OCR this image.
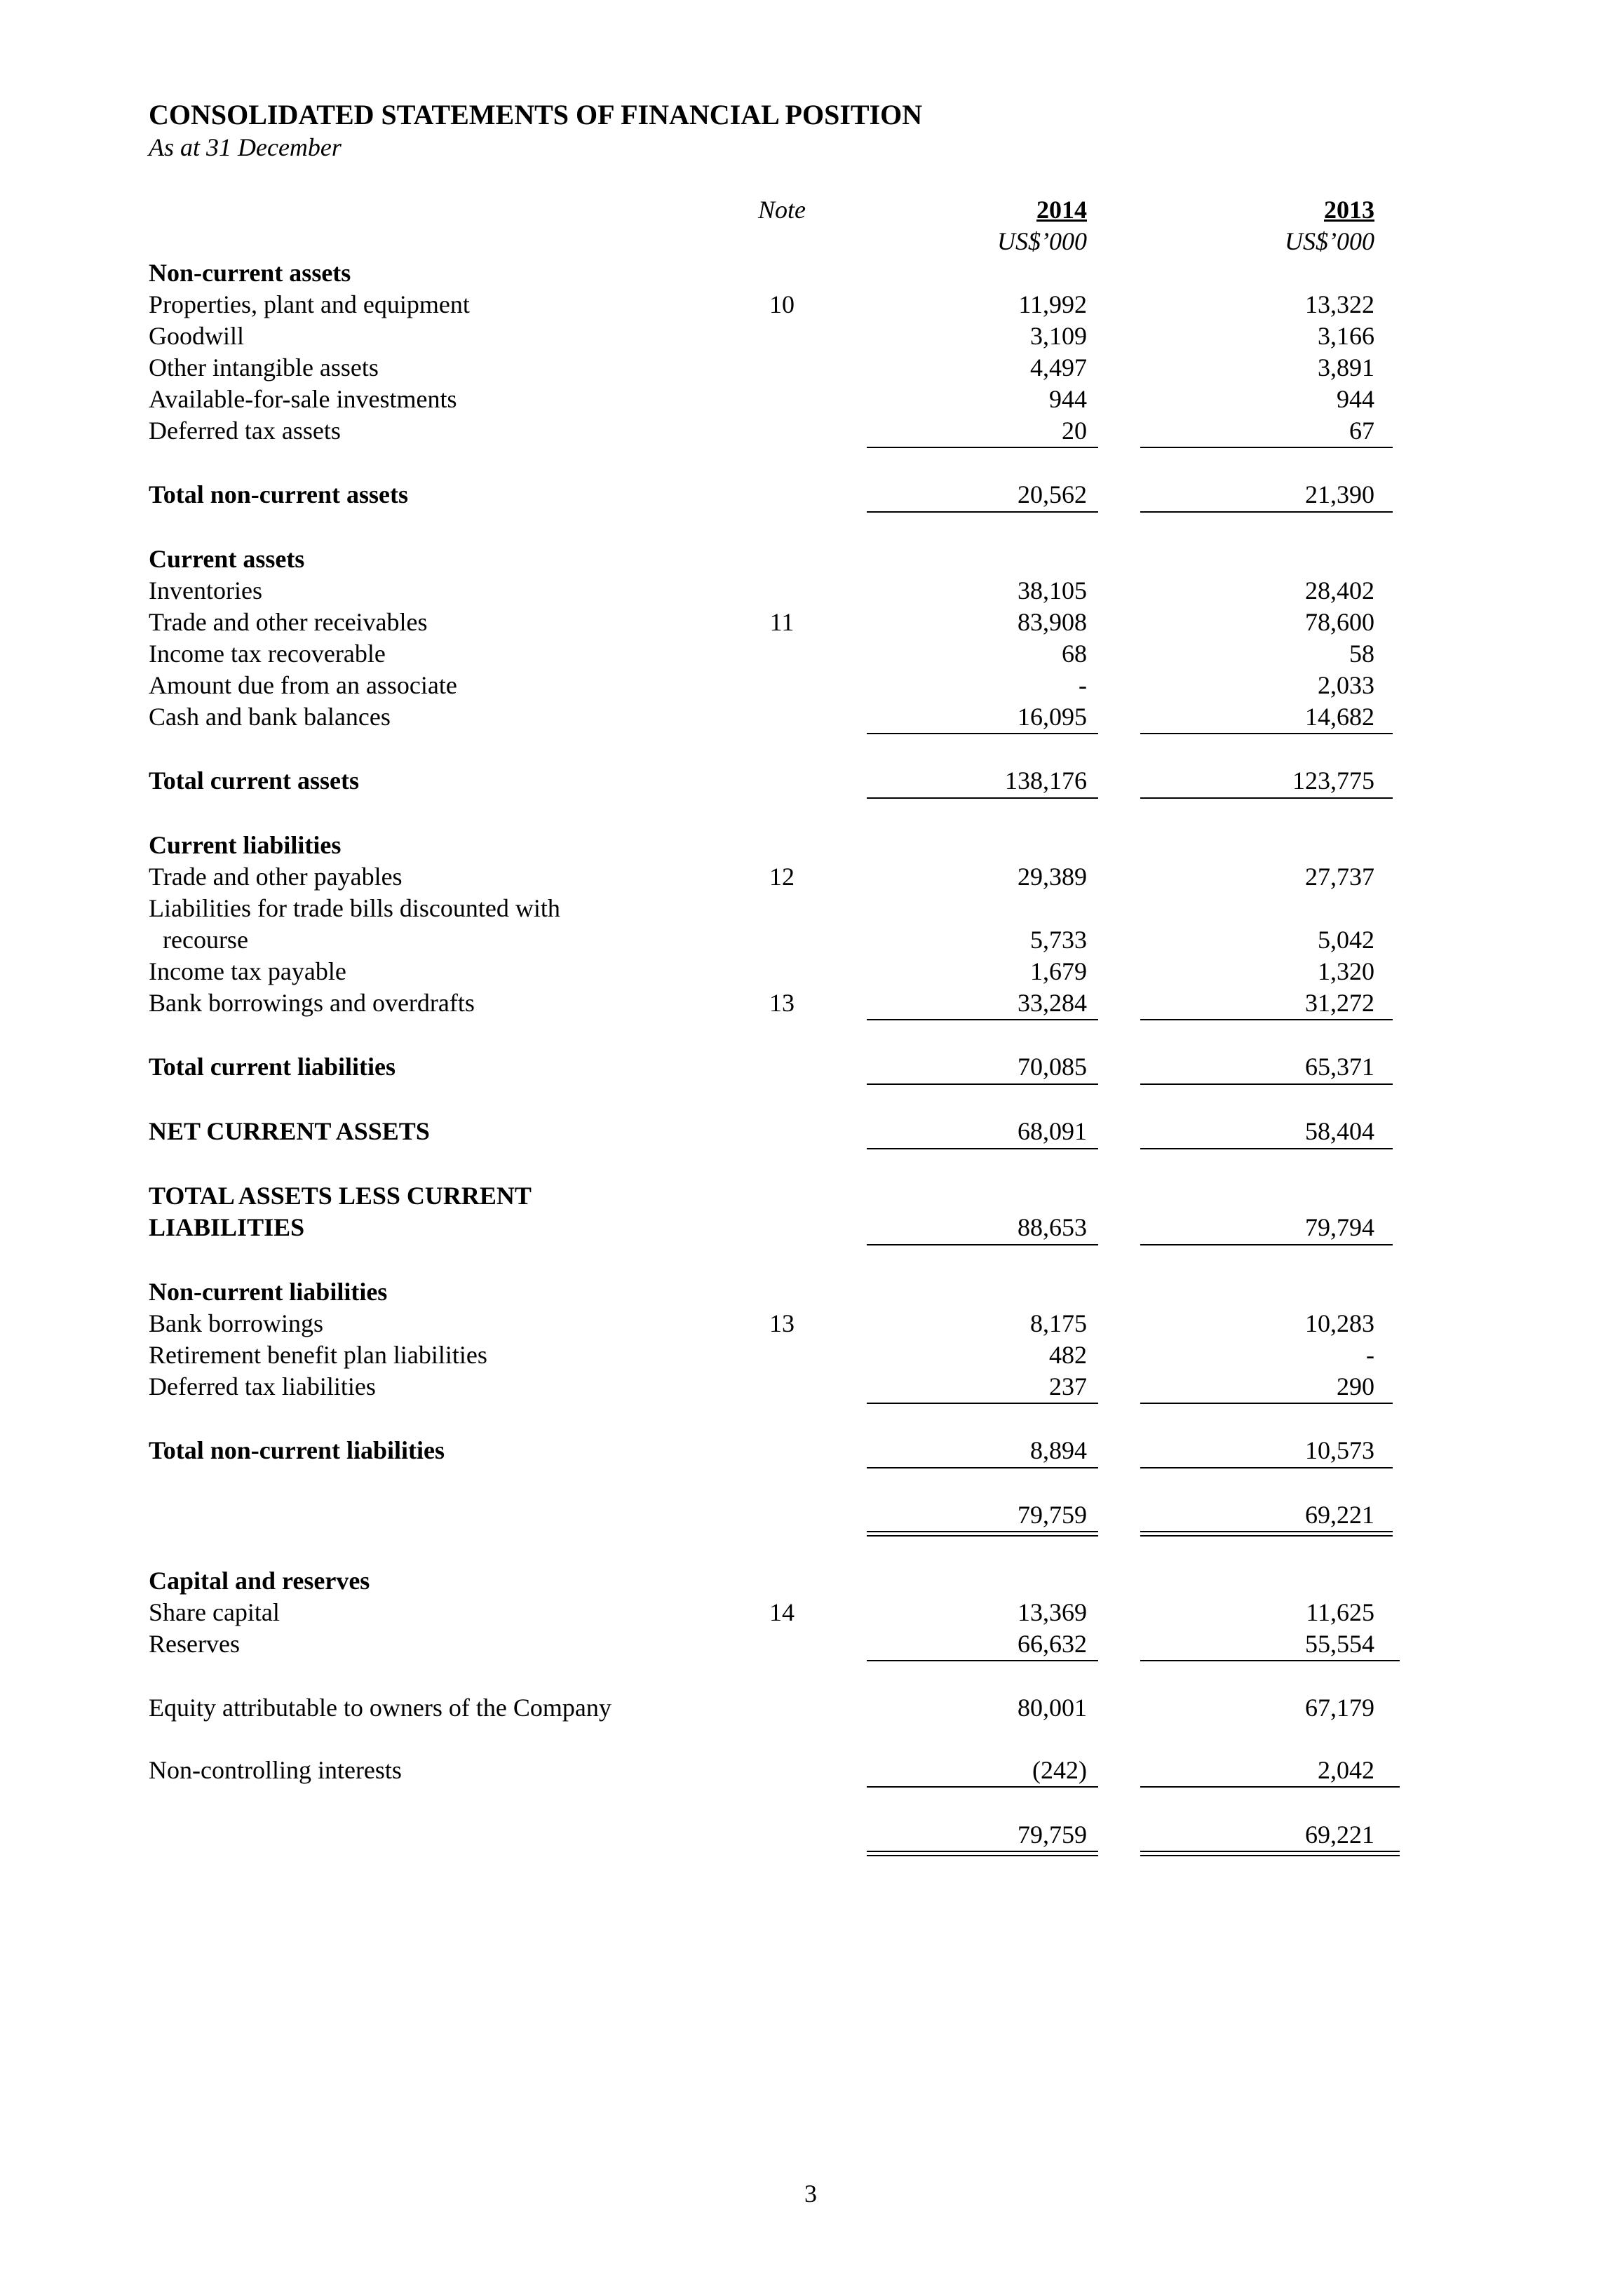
CONSOLIDATED STATEMENTS OF FINANCIAL POSITION
As at 31 December
Note	2014	2013
US$’000	US$’000
Non-current assets
Properties, plant and equipment	10	11,992	13,322
Goodwill	3,109	3,166
Other intangible assets	4,497	3,891
Available-for-sale investments	944	944
Deferred tax assets	20	67
Total non-current assets	20,562	21,390
Current assets
Inventories	38,105	28,402
Trade and other receivables	11	83,908	78,600
Income tax recoverable	68	58
Amount due from an associate	-	2,033
Cash and bank balances	16,095	14,682
Total current assets	138,176	123,775
Current liabilities
Trade and other payables	12	29,389	27,737
Liabilities for trade bills discounted with
recourse	5,733	5,042
Income tax payable	1,679	1,320
Bank borrowings and overdrafts	13	33,284	31,272
Total current liabilities	70,085	65,371
NET CURRENT ASSETS	68,091	58,404
TOTAL ASSETS LESS CURRENT
LIABILITIES	88,653	79,794
Non-current liabilities
Bank borrowings	13	8,175	10,283
Retirement benefit plan liabilities	482	-
Deferred tax liabilities	237	290
Total non-current liabilities	8,894	10,573
79,759	69,221
Capital and reserves
Share capital	14	13,369	11,625
Reserves	66,632	55,554
Equity attributable to owners of the Company	80,001	67,179
Non-controlling interests	(242)	2,042
79,759	69,221
3
